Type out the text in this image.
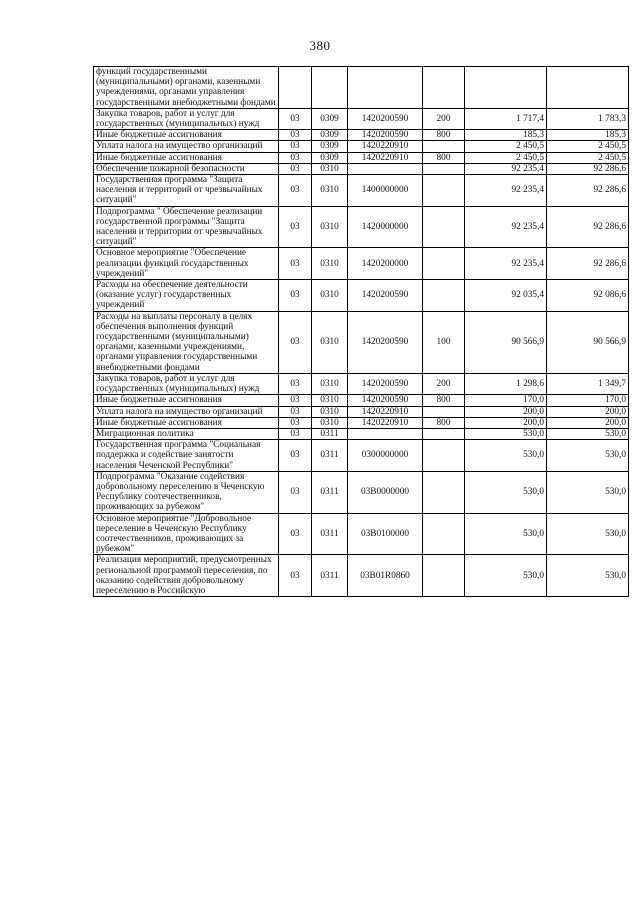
380
функций государственными (муниципальными) органами, казенными учреждениями, органами управления государственными внебюджетными фондами						
Закупка товаров, работ и услуг для государственных (муниципальных) нужд	03	0309	1420200590	200	1 717,4	1 783,3
Иные бюджетные ассигнования	03	0309	1420200590	800	185,3	185,3
Уплата налога на имущество организаций	03	0309	1420220910		2 450,5	2 450,5
Иные бюджетные ассигнования	03	0309	1420220910	800	2 450,5	2 450,5
Обеспечение пожарной безопасности	03	0310			92 235,4	92 286,6
Государственная программа "Защита населения и территорий от чрезвычайных ситуаций"	03	0310	1400000000		92 235,4	92 286,6
Подпрограмма " Обеспечение реализации государственной программы "Защита населения и территории от чрезвычайных ситуаций"	03	0310	1420000000		92 235,4	92 286,6
Основное мероприятие "Обеспечение реализации функций государственных учреждений"	03	0310	1420200000		92 235,4	92 286,6
Расходы на обеспечение деятельности (оказание услуг) государственных учреждений	03	0310	1420200590		92 035,4	92 086,6
Расходы на выплаты персоналу в целях обеспечения выполнения функций государственными (муниципальными) органами, казенными учреждениями, органами управления государственными внебюджетными фондами	03	0310	1420200590	100	90 566,9	90 566,9
Закупка товаров, работ и услуг для государственных (муниципальных) нужд	03	0310	1420200590	200	1 298,6	1 349,7
Иные бюджетные ассигнования	03	0310	1420200590	800	170,0	170,0
Уплата налога на имущество организаций	03	0310	1420220910		200,0	200,0
Иные бюджетные ассигнования	03	0310	1420220910	800	200,0	200,0
Миграционная политика	03	0311			530,0	530,0
Государственная программа "Социальная поддержка и содействие занятости населения Чеченской Республики"	03	0311	0300000000		530,0	530,0
Подпрограмма "Оказание содействия добровольному переселению в Чеченскую Республику соотечественников, проживающих за рубежом"	03	0311	03В0000000		530,0	530,0
Основное мероприятие "Добровольное переселение в Чеченскую Республику соотечественников, проживающих за рубежом"	03	0311	03В0100000		530,0	530,0
Реализация мероприятий, предусмотренных региональной программой переселения, по оказанию содействия добровольному переселению в Российскую	03	0311	03В01R0860		530,0	530,0
